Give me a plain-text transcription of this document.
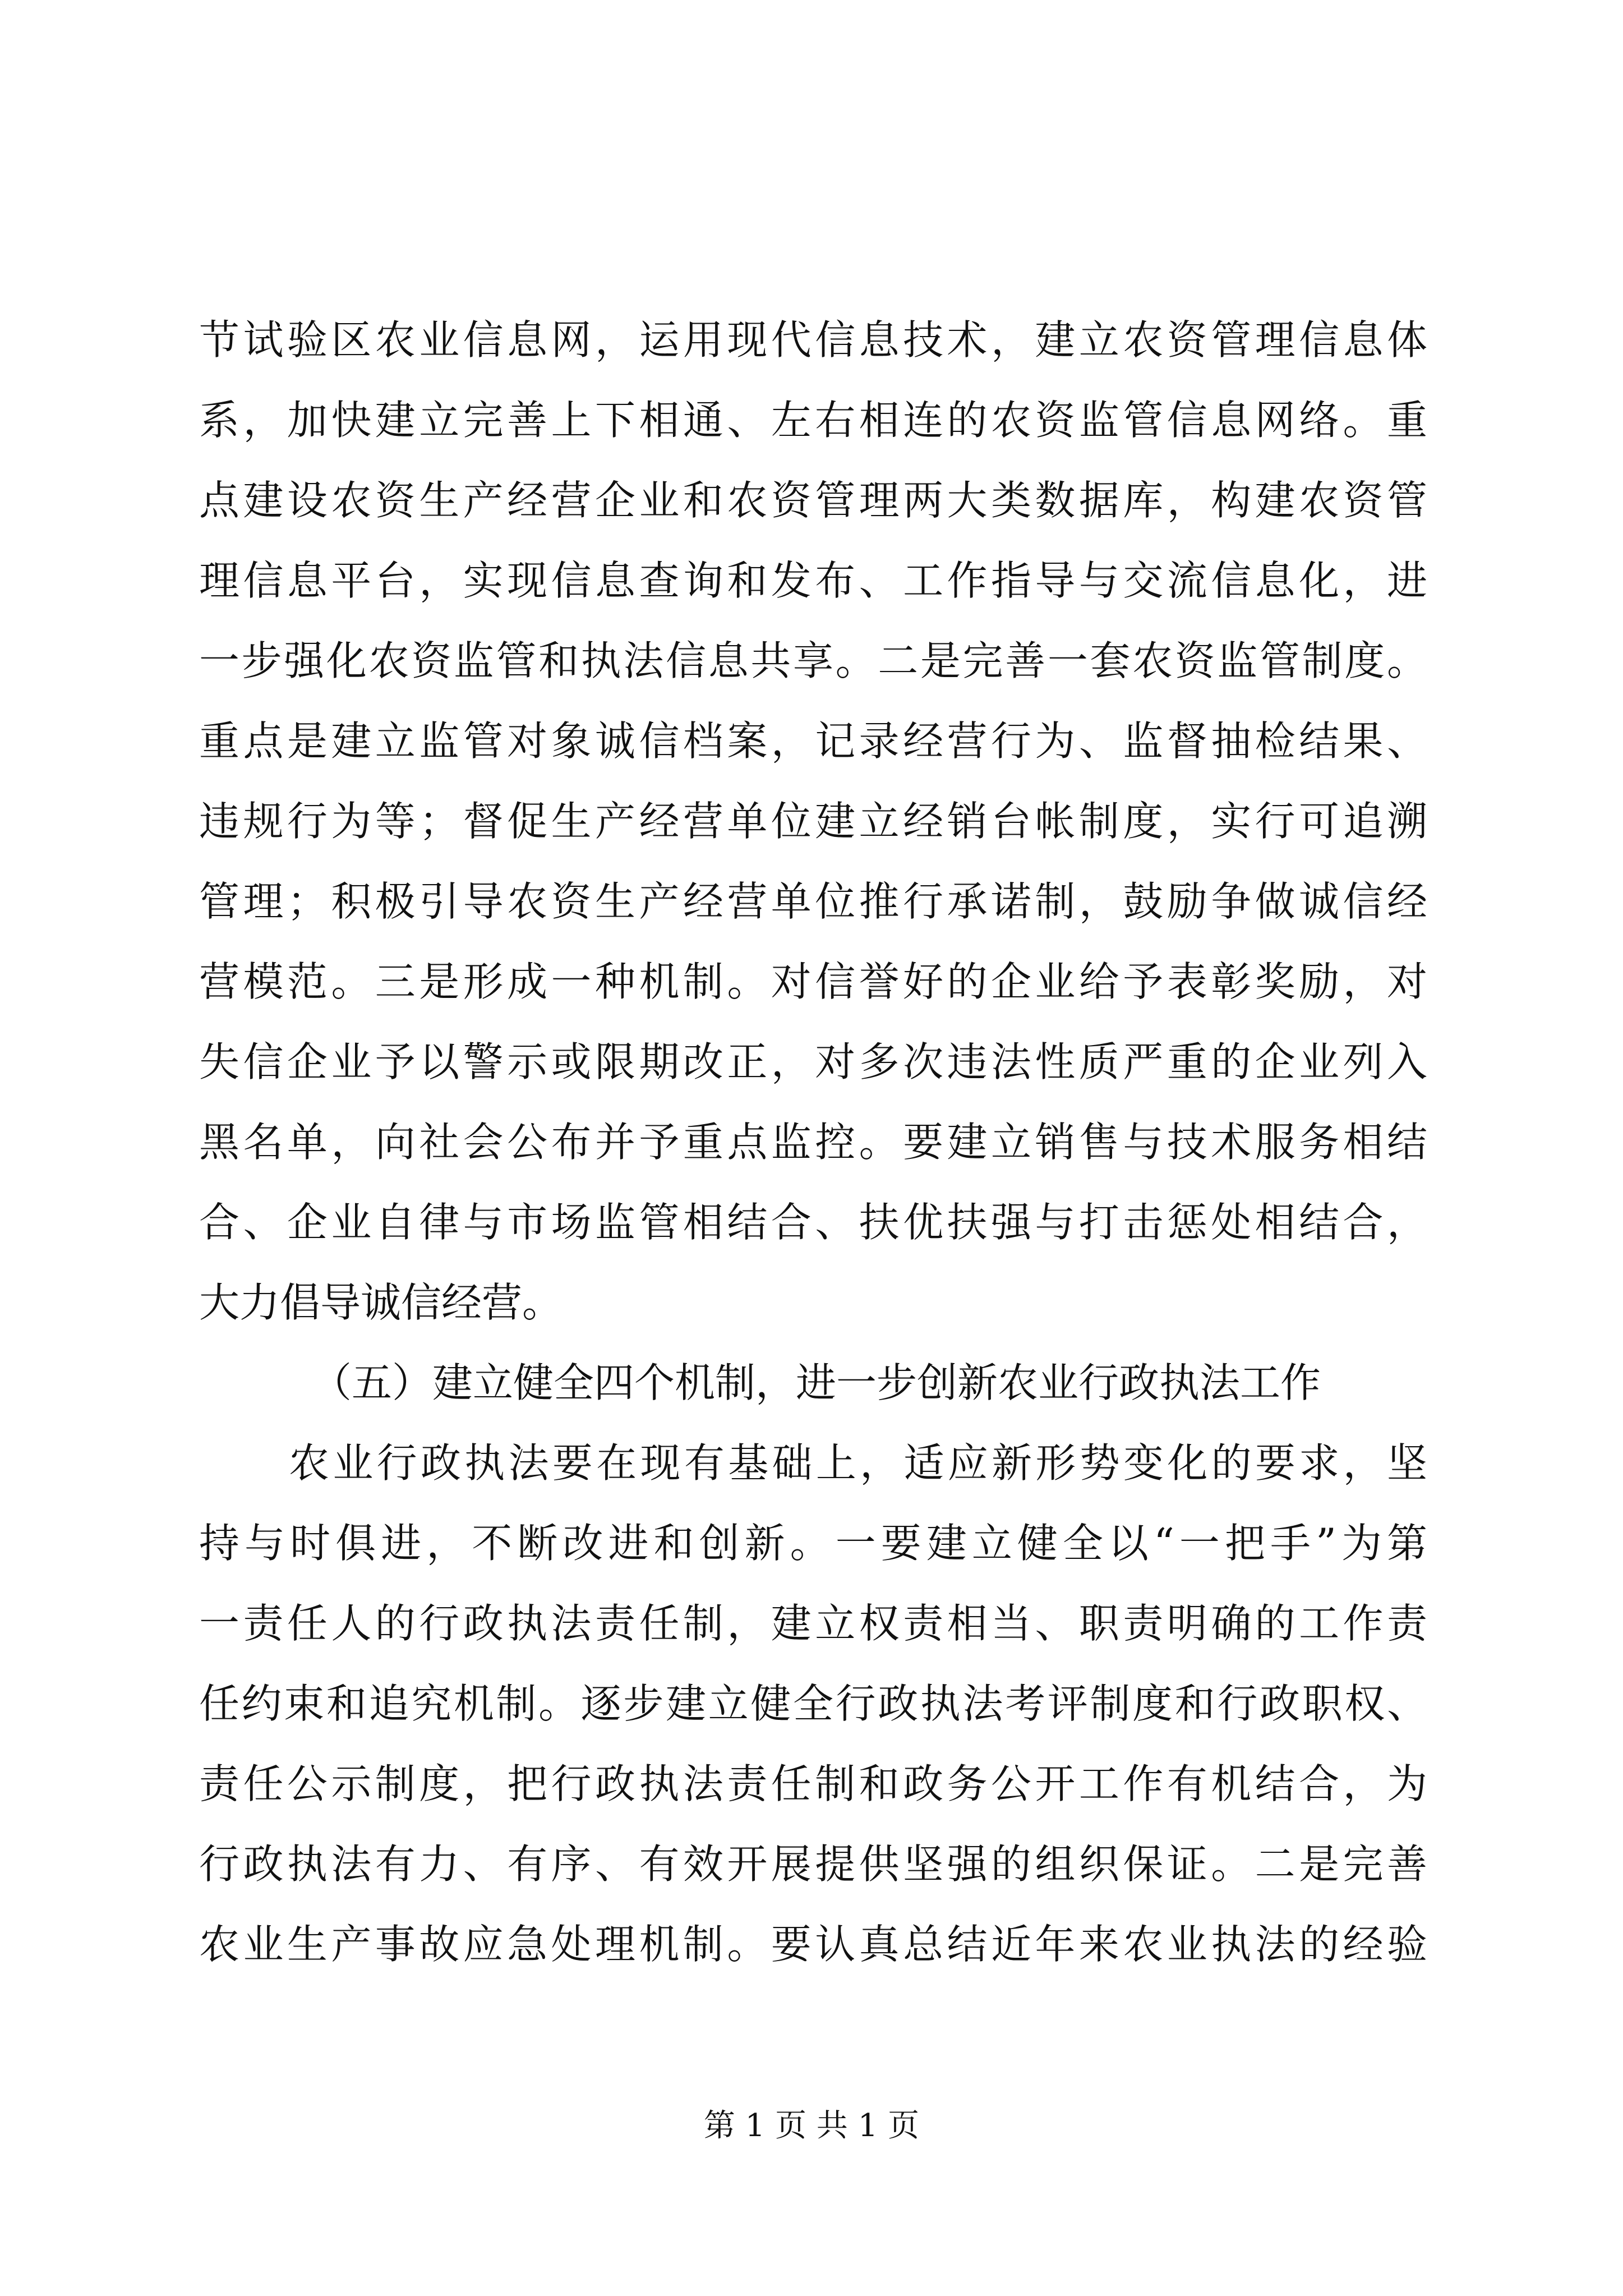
节试验区农业信息网，运用现代信息技术，建立农资管理信息体
系，加快建立完善上下相通、左右相连的农资监管信息网络。重
点建设农资生产经营企业和农资管理两大类数据库，构建农资管
理信息平台，实现信息查询和发布、工作指导与交流信息化，进
一步强化农资监管和执法信息共享。二是完善一套农资监管制度。
重点是建立监管对象诚信档案，记录经营行为、监督抽检结果、
违规行为等；督促生产经营单位建立经销台帐制度，实行可追溯
管理；积极引导农资生产经营单位推行承诺制，鼓励争做诚信经
营模范。三是形成一种机制。对信誉好的企业给予表彰奖励，对
失信企业予以警示或限期改正，对多次违法性质严重的企业列入
黑名单，向社会公布并予重点监控。要建立销售与技术服务相结
合、企业自律与市场监管相结合、扶优扶强与打击惩处相结合，
大力倡导诚信经营。
（五）建立健全四个机制，进一步创新农业行政执法工作
农业行政执法要在现有基础上，适应新形势变化的要求，坚
持与时俱进，不断改进和创新。一要建立健全以“一把手”为第
一责任人的行政执法责任制，建立权责相当、职责明确的工作责
任约束和追究机制。逐步建立健全行政执法考评制度和行政职权、
责任公示制度，把行政执法责任制和政务公开工作有机结合，为
行政执法有力、有序、有效开展提供坚强的组织保证。二是完善
农业生产事故应急处理机制。要认真总结近年来农业执法的经验
第 1 页 共 1 页
